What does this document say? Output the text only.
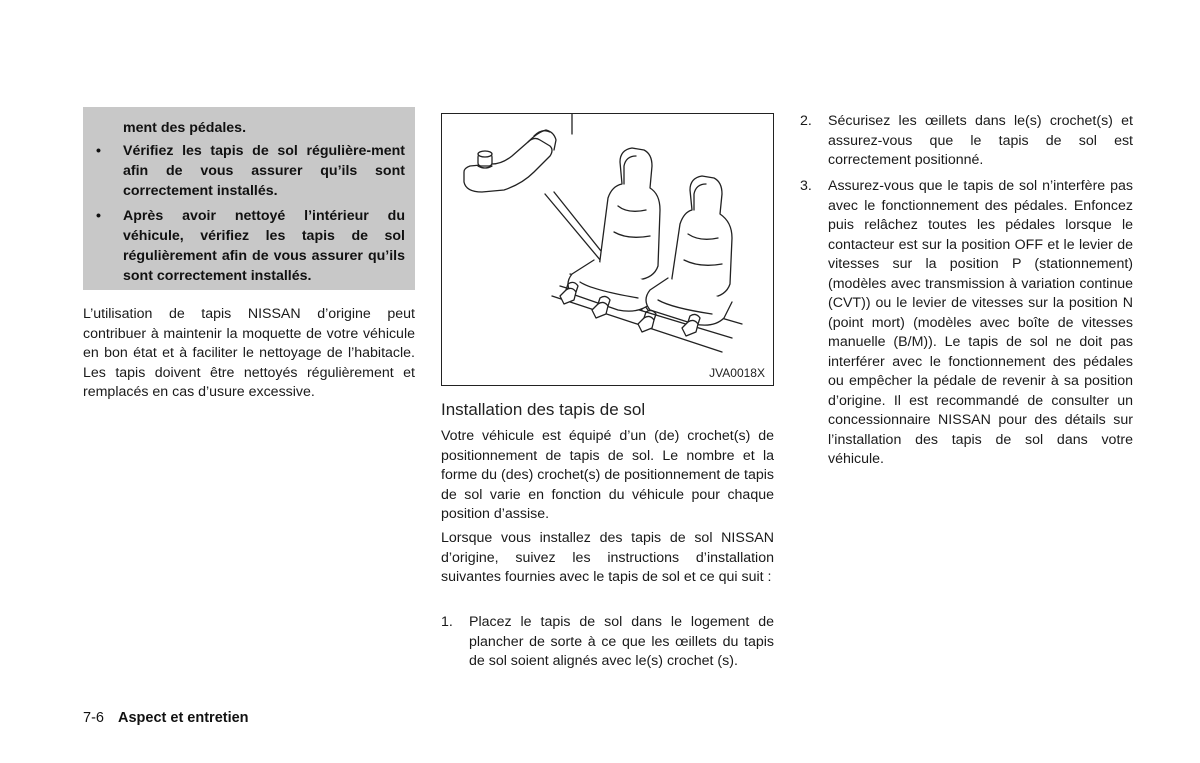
ment des pédales.
• Vérifiez les tapis de sol régulière-ment afin de vous assurer qu’ils sont correctement installés.
• Après avoir nettoyé l’intérieur du véhicule, vérifiez les tapis de sol régulièrement afin de vous assurer qu’ils sont correctement installés.
L’utilisation de tapis NISSAN d’origine peut contribuer à maintenir la moquette de votre véhicule en bon état et à faciliter le nettoyage de l’habitacle. Les tapis doivent être nettoyés régulièrement et remplacés en cas d’usure excessive.
JVA0018X
Installation des tapis de sol
Votre véhicule est équipé d’un (de) crochet(s) de positionnement de tapis de sol. Le nombre et la forme du (des) crochet(s) de positionnement de tapis de sol varie en fonction du véhicule pour chaque position d’assise.
Lorsque vous installez des tapis de sol NISSAN d’origine, suivez les instructions d’installation suivantes fournies avec le tapis de sol et ce qui suit :
1. Placez le tapis de sol dans le logement de plancher de sorte à ce que les œillets du tapis de sol soient alignés avec le(s) crochet (s).
2. Sécurisez les œillets dans le(s) crochet(s) et assurez-vous que le tapis de sol est correctement positionné.
3. Assurez-vous que le tapis de sol n’interfère pas avec le fonctionnement des pédales. Enfoncez puis relâchez toutes les pédales lorsque le contacteur est sur la position OFF et le levier de vitesses sur la position P (stationnement) (modèles avec transmission à variation continue (CVT)) ou le levier de vitesses sur la position N (point mort) (modèles avec boîte de vitesses manuelle (B/M)). Le tapis de sol ne doit pas interférer avec le fonctionnement des pédales ou empêcher la pédale de revenir à sa position d’origine. Il est recommandé de consulter un concessionnaire NISSAN pour des détails sur l’installation des tapis de sol dans votre véhicule.
7-6 Aspect et entretien
